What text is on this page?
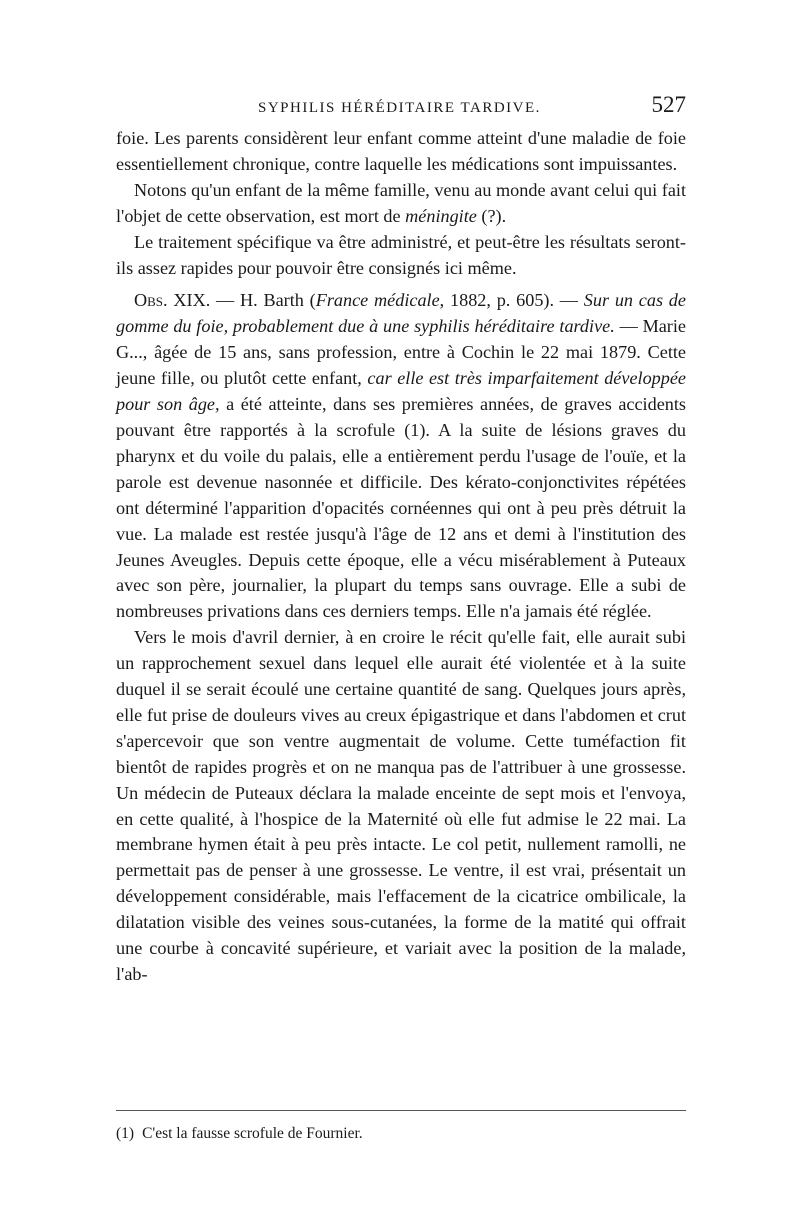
SYPHILIS HÉRÉDITAIRE TARDIVE.	527

foie. Les parents considèrent leur enfant comme atteint d'une maladie de foie essentiellement chronique, contre laquelle les médications sont impuissantes.

Notons qu'un enfant de la même famille, venu au monde avant celui qui fait l'objet de cette observation, est mort de méningite (?).

Le traitement spécifique va être administré, et peut-être les résultats seront-ils assez rapides pour pouvoir être consignés ici même.

Obs. XIX. — H. Barth (France médicale, 1882, p. 605). — Sur un cas de gomme du foie, probablement due à une syphilis héréditaire tardive. — Marie G..., âgée de 15 ans, sans profession, entre à Cochin le 22 mai 1879. Cette jeune fille, ou plutôt cette enfant, car elle est très imparfaitement développée pour son âge, a été atteinte, dans ses premières années, de graves accidents pouvant être rapportés à la scrofule (1). A la suite de lésions graves du pharynx et du voile du palais, elle a entièrement perdu l'usage de l'ouïe, et la parole est devenue nasonnée et difficile. Des kérato-conjonctivites répétées ont déterminé l'apparition d'opacités cornéennes qui ont à peu près détruit la vue. La malade est restée jusqu'à l'âge de 12 ans et demi à l'institution des Jeunes Aveugles. Depuis cette époque, elle a vécu misérablement à Puteaux avec son père, journalier, la plupart du temps sans ouvrage. Elle a subi de nombreuses privations dans ces derniers temps. Elle n'a jamais été réglée.

Vers le mois d'avril dernier, à en croire le récit qu'elle fait, elle aurait subi un rapprochement sexuel dans lequel elle aurait été violentée et à la suite duquel il se serait écoulé une certaine quantité de sang. Quelques jours après, elle fut prise de douleurs vives au creux épigastrique et dans l'abdomen et crut s'apercevoir que son ventre augmentait de volume. Cette tuméfaction fit bientôt de rapides progrès et on ne manqua pas de l'attribuer à une grossesse. Un médecin de Puteaux déclara la malade enceinte de sept mois et l'envoya, en cette qualité, à l'hospice de la Maternité où elle fut admise le 22 mai. La membrane hymen était à peu près intacte. Le col petit, nullement ramolli, ne permettait pas de penser à une grossesse. Le ventre, il est vrai, présentait un développement considérable, mais l'effacement de la cicatrice ombilicale, la dilatation visible des veines sous-cutanées, la forme de la matité qui offrait une courbe à concavité supérieure, et variait avec la position de la malade, l'ab-

(1) C'est la fausse scrofule de Fournier.
